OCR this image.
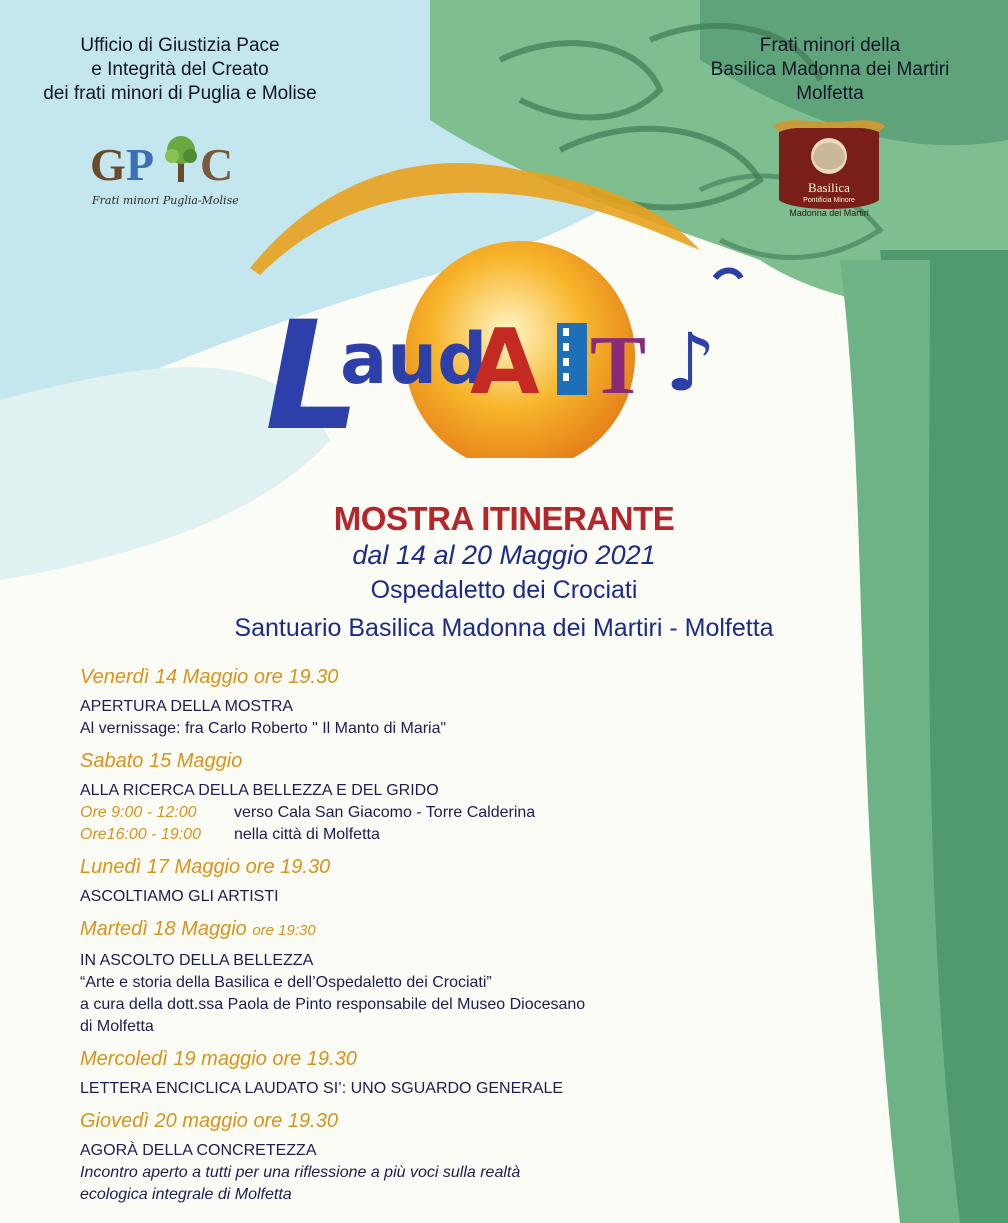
Ufficio di Giustizia Pace
e Integrità del Creato
dei frati minori di Puglia e Molise
Frati minori della
Basilica Madonna dei Martiri
Molfetta
G P C
Frati minori Puglia-Molise
Basilica
Pontificia Minore
Madonna dei Martiri
L
aud
A T ♪
MOSTRA ITINERANTE
dal 14 al 20 Maggio 2021
Ospedaletto dei Crociati
Santuario Basilica Madonna dei Martiri - Molfetta
Venerdì 14 Maggio ore 19.30
APERTURA DELLA MOSTRA
Al vernissage: fra Carlo Roberto " Il Manto di Maria"
Sabato 15 Maggio
ALLA RICERCA DELLA BELLEZZA E DEL GRIDO
Ore 9:00 - 12:00	verso Cala San Giacomo - Torre Calderina
Ore16:00 - 19:00	nella città di Molfetta
Lunedì 17 Maggio ore 19.30
ASCOLTIAMO GLI ARTISTI
Martedì 18 Maggio ore 19:30
IN ASCOLTO DELLA BELLEZZA
“Arte e storia della Basilica e dell’Ospedaletto dei Crociati”
a cura della dott.ssa Paola de Pinto responsabile del Museo Diocesano
di Molfetta
Mercoledì 19 maggio ore 19.30
LETTERA ENCICLICA LAUDATO SI’: UNO SGUARDO GENERALE
Giovedì 20 maggio ore 19.30
AGORÀ DELLA CONCRETEZZA
Incontro aperto a tutti per una riflessione a più voci sulla realtà
ecologica integrale di Molfetta
